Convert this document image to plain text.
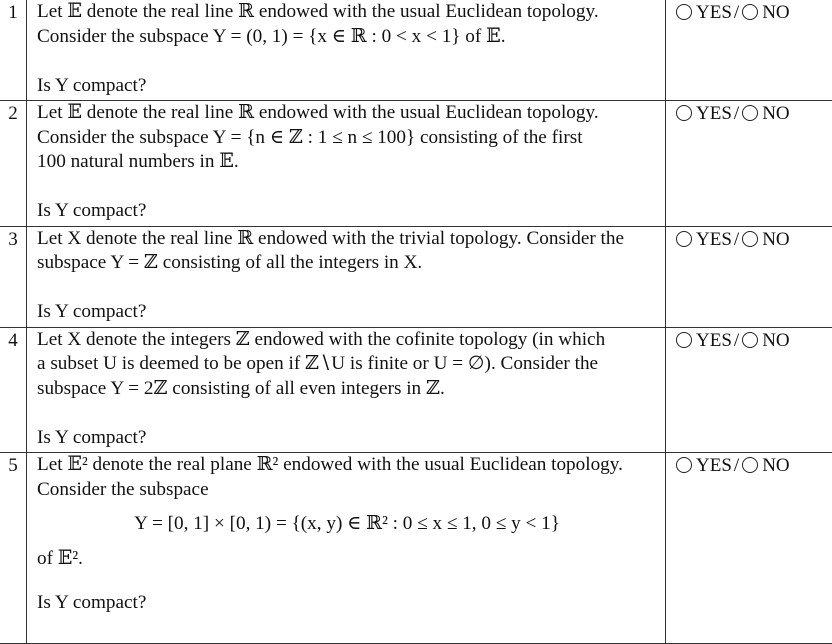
1	Let 𝔼 denote the real line ℝ endowed with the usual Euclidean topology.
Consider the subspace Y = (0, 1) = {x ∈ ℝ : 0 < x < 1} of 𝔼.
Is Y compact?	YES / NO
2	Let 𝔼 denote the real line ℝ endowed with the usual Euclidean topology.
Consider the subspace Y = {n ∈ ℤ : 1 ≤ n ≤ 100} consisting of the first
100 natural numbers in 𝔼.
Is Y compact?	YES / NO
3	Let X denote the real line ℝ endowed with the trivial topology. Consider the
subspace Y = ℤ consisting of all the integers in X.
Is Y compact?	YES / NO
4	Let X denote the integers ℤ endowed with the cofinite topology (in which
a subset U is deemed to be open if ℤ∖U is finite or U = ∅). Consider the
subspace Y = 2ℤ consisting of all even integers in ℤ.
Is Y compact?	YES / NO
5	Let 𝔼² denote the real plane ℝ² endowed with the usual Euclidean topology.
Consider the subspace
Y = [0, 1] × [0, 1) = {(x, y) ∈ ℝ² : 0 ≤ x ≤ 1, 0 ≤ y < 1}
of 𝔼².
Is Y compact?	YES / NO
